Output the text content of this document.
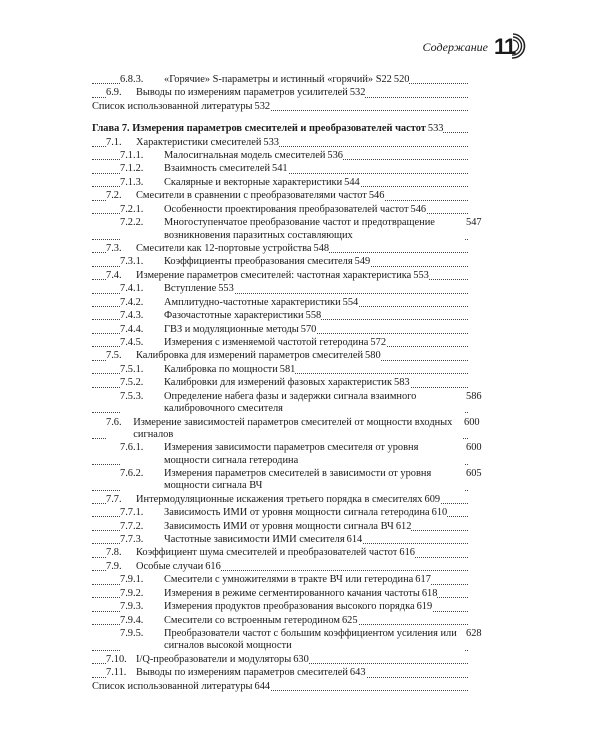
Содержание 11
6.8.3.	«Горячие» S-параметры и истинный «горячий» S22 520
6.9.	Выводы по измерениям параметров усилителей 532
Список использованной литературы 532
Глава 7. Измерения параметров смесителей и преобразователей частот 533
7.1.	Характеристики смесителей 533
7.1.1.	Малосигнальная модель смесителей 536
7.1.2.	Взаимность смесителей 541
7.1.3.	Скалярные и векторные характеристики 544
7.2.	Смесители в сравнении с преобразователями частот 546
7.2.1.	Особенности проектирования преобразователей частот 546
7.2.2.	Многоступенчатое преобразование частот и предотвращение возникновения паразитных составляющих
547
7.3.	Смесители как 12-портовые устройства 548
7.3.1.	Коэффициенты преобразования смесителя 549
7.4.	Измерение параметров смесителей: частотная характеристика 553
7.4.1.	Вступление 553
7.4.2.	Амплитудно-частотные характеристики 554
7.4.3.	Фазочастотные характеристики 558
7.4.4.	ГВЗ и модуляционные методы 570
7.4.5.	Измерения с изменяемой частотой гетеродина 572
7.5.	Калибровка для измерений параметров смесителей 580
7.5.1.	Калибровка по мощности 581
7.5.2.	Калибровки для измерений фазовых характеристик 583
7.5.3.	Определение набега фазы и задержки сигнала взаимного калибровочного смесителя
586
7.6.	Измерение зависимостей параметров смесителей от мощности входных сигналов
600
7.6.1.	Измерения зависимости параметров смесителя от уровня мощности сигнала гетеродина
600
7.6.2.	Измерения параметров смесителей в зависимости от уровня мощности сигнала ВЧ
605
7.7.	Интермодуляционные искажения третьего порядка в смесителях 609
7.7.1.	Зависимость ИМИ от уровня мощности сигнала гетеродина 610
7.7.2.	Зависимость ИМИ от уровня мощности сигнала ВЧ 612
7.7.3.	Частотные зависимости ИМИ смесителя 614
7.8.	Коэффициент шума смесителей и преобразователей частот 616
7.9.	Особые случаи 616
7.9.1.	Смесители с умножителями в тракте ВЧ или гетеродина 617
7.9.2.	Измерения в режиме сегментированного качания частоты 618
7.9.3.	Измерения продуктов преобразования высокого порядка 619
7.9.4.	Смесители со встроенным гетеродином 625
7.9.5.	Преобразователи частот с большим коэффициентом усиления или сигналов высокой мощности
628
7.10. I/Q-преобразователи и модуляторы 630
7.11. Выводы по измерениям параметров смесителей 643
Список использованной литературы 644
